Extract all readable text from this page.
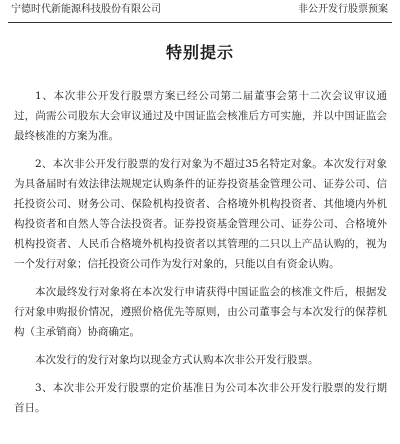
宁德时代新能源科技股份有限公司	非公开发行股票预案
特别提示

1、本次非公开发行股票方案已经公司第二届董事会第十二次会议审议通过，尚需公司股东大会审议通过及中国证监会核准后方可实施，并以中国证监会最终核准的方案为准。

2、本次非公开发行股票的发行对象为不超过35名特定对象。本次发行对象为具备届时有效法律法规规定认购条件的证券投资基金管理公司、证券公司、信托投资公司、财务公司、保险机构投资者、合格境外机构投资者、其他境内外机构投资者和自然人等合法投资者。证券投资基金管理公司、证券公司、合格境外机构投资者、人民币合格境外机构投资者以其管理的二只以上产品认购的，视为一个发行对象；信托投资公司作为发行对象的，只能以自有资金认购。

本次最终发行对象将在本次发行申请获得中国证监会的核准文件后，根据发行对象申购报价情况，遵照价格优先等原则，由公司董事会与本次发行的保荐机构（主承销商）协商确定。

本次发行的发行对象均以现金方式认购本次非公开发行股票。

3、本次非公开发行股票的定价基准日为公司本次非公开发行股票的发行期首日。
